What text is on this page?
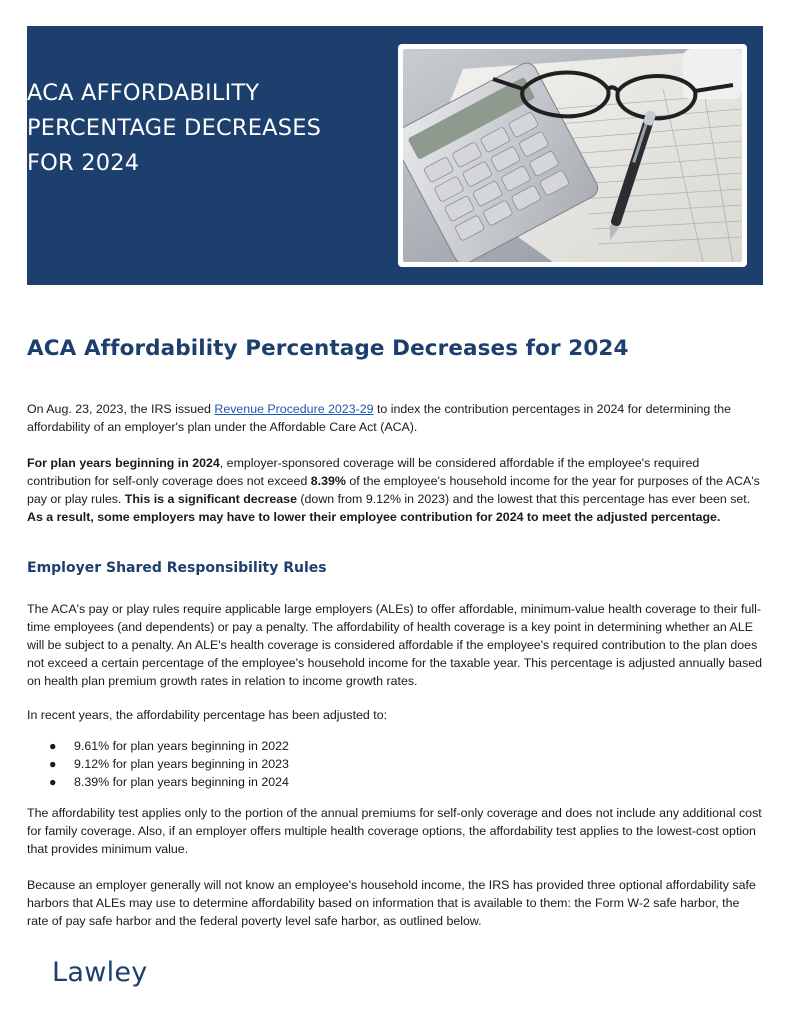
ACA AFFORDABILITY
PERCENTAGE DECREASES
FOR 2024
ACA Affordability Percentage Decreases for 2024

On Aug. 23, 2023, the IRS issued Revenue Procedure 2023-29 to index the contribution percentages in 2024 for determining the affordability of an employer's plan under the Affordable Care Act (ACA).

For plan years beginning in 2024, employer-sponsored coverage will be considered affordable if the employee's required contribution for self-only coverage does not exceed 8.39% of the employee's household income for the year for purposes of the ACA's pay or play rules. This is a significant decrease (down from 9.12% in 2023) and the lowest that this percentage has ever been set. As a result, some employers may have to lower their employee contribution for 2024 to meet the adjusted percentage.

Employer Shared Responsibility Rules

The ACA's pay or play rules require applicable large employers (ALEs) to offer affordable, minimum-value health coverage to their full-time employees (and dependents) or pay a penalty. The affordability of health coverage is a key point in determining whether an ALE will be subject to a penalty. An ALE's health coverage is considered affordable if the employee's required contribution to the plan does not exceed a certain percentage of the employee's household income for the taxable year. This percentage is adjusted annually based on health plan premium growth rates in relation to income growth rates.

In recent years, the affordability percentage has been adjusted to:

● 9.61% for plan years beginning in 2022
● 9.12% for plan years beginning in 2023
● 8.39% for plan years beginning in 2024

The affordability test applies only to the portion of the annual premiums for self-only coverage and does not include any additional cost for family coverage. Also, if an employer offers multiple health coverage options, the affordability test applies to the lowest-cost option that provides minimum value.

Because an employer generally will not know an employee's household income, the IRS has provided three optional affordability safe harbors that ALEs may use to determine affordability based on information that is available to them: the Form W-2 safe harbor, the rate of pay safe harbor and the federal poverty level safe harbor, as outlined below.

Lawley
